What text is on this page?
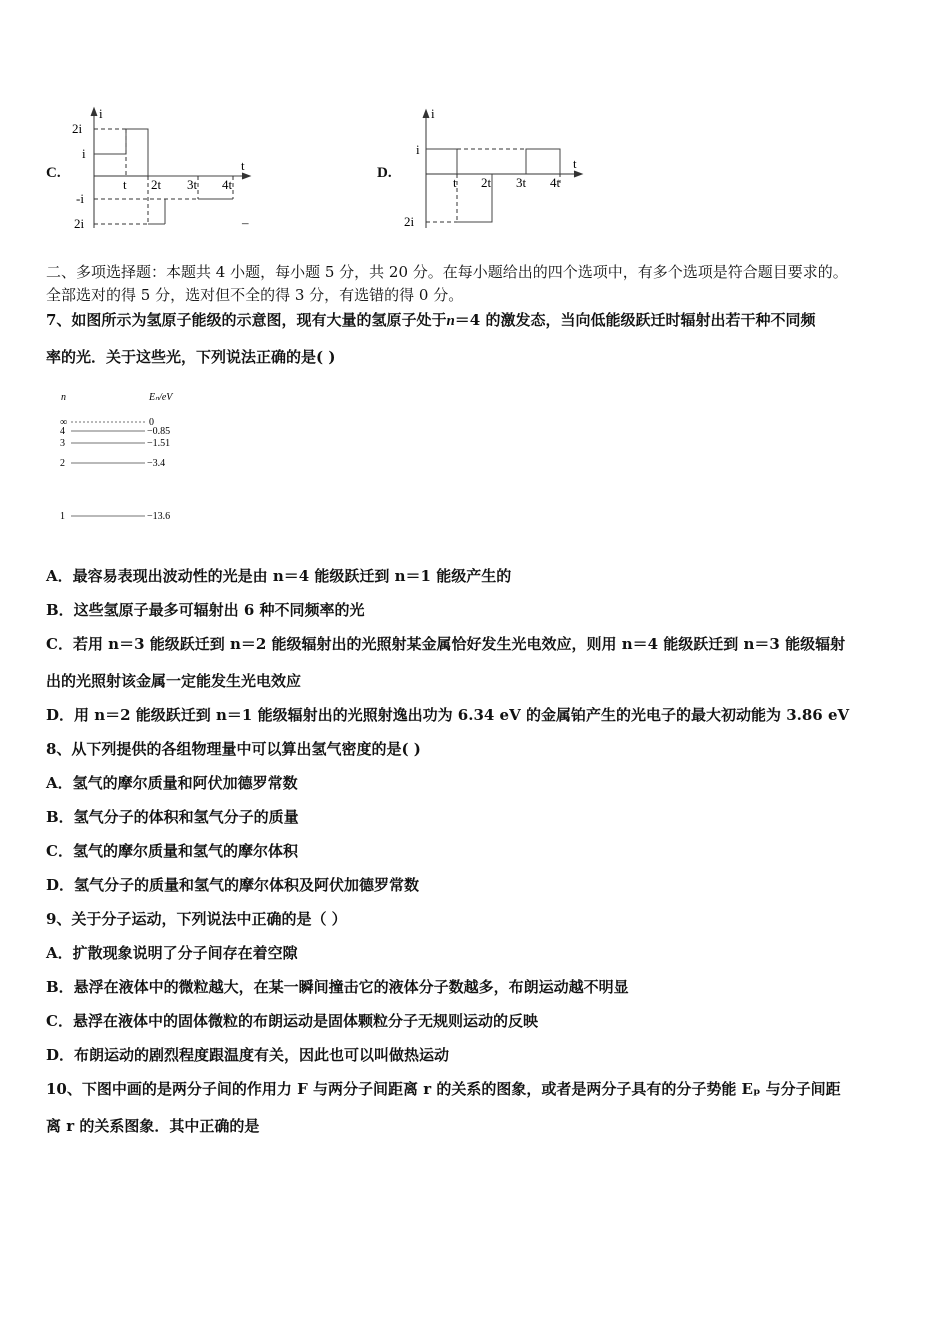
C.
i
t
2i
i
-i
2i
t 2t 3t 4t
–
D.
i
t
i
2i
t 2t 3t 4t
二、多项选择题：本题共 4 小题，每小题 5 分，共 20 分。在每小题给出的四个选项中，有多个选项是符合题目要求的。
全部选对的得 5 分，选对但不全的得 3 分，有选错的得 0 分。
7、如图所示为氢原子能级的示意图，现有大量的氢原子处于n＝4 的激发态，当向低能级跃迁时辐射出若干种不同频
率的光．关于这些光，下列说法正确的是( )
n	Eₙ/eV
∞
4
3
2
1
0
−0.85
−1.51
−3.4
−13.6
A．最容易表现出波动性的光是由 n＝4 能级跃迁到 n＝1 能级产生的
B．这些氢原子最多可辐射出 6 种不同频率的光
C．若用 n＝3 能级跃迁到 n＝2 能级辐射出的光照射某金属恰好发生光电效应，则用 n＝4 能级跃迁到 n＝3 能级辐射
出的光照射该金属一定能发生光电效应
D．用 n＝2 能级跃迁到 n＝1 能级辐射出的光照射逸出功为 6.34 eV 的金属铂产生的光电子的最大初动能为 3.86 eV
8、从下列提供的各组物理量中可以算出氢气密度的是( )
A．氢气的摩尔质量和阿伏加德罗常数
B．氢气分子的体积和氢气分子的质量
C．氢气的摩尔质量和氢气的摩尔体积
D．氢气分子的质量和氢气的摩尔体积及阿伏加德罗常数
9、关于分子运动，下列说法中正确的是（ ）
A．扩散现象说明了分子间存在着空隙
B．悬浮在液体中的微粒越大，在某一瞬间撞击它的液体分子数越多，布朗运动越不明显
C．悬浮在液体中的固体微粒的布朗运动是固体颗粒分子无规则运动的反映
D．布朗运动的剧烈程度跟温度有关，因此也可以叫做热运动
10、下图中画的是两分子间的作用力 F 与两分子间距离 r 的关系的图象，或者是两分子具有的分子势能 Eₚ 与分子间距
离 r 的关系图象．其中正确的是
